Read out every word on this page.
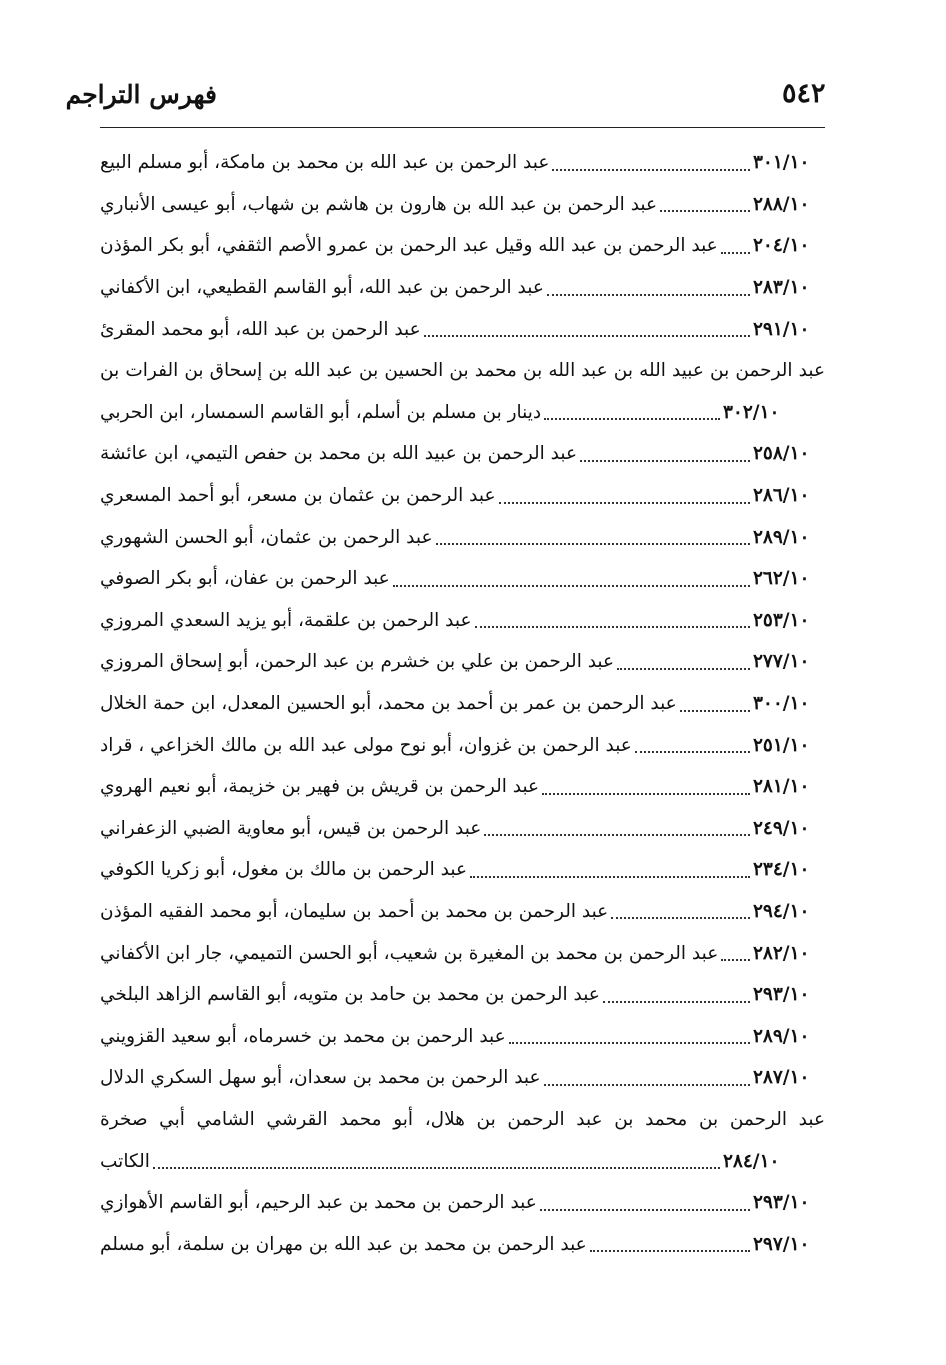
فهرس التراجم	٥٤٢
عبد الرحمن بن عبد الله بن محمد بن مامكة، أبو مسلم البيع	٣٠١/١٠
عبد الرحمن بن عبد الله بن هارون بن هاشم بن شهاب، أبو عيسى الأنباري	٢٨٨/١٠
عبد الرحمن بن عبد الله وقيل عبد الرحمن بن عمرو الأصم الثقفي، أبو بكر المؤذن ٢٠٤/١٠
عبد الرحمن بن عبد الله، أبو القاسم القطيعي، ابن الأكفاني	٢٨٣/١٠
عبد الرحمن بن عبد الله، أبو محمد المقرئ	٢٩١/١٠
عبد الرحمن بن عبيد الله بن عبد الله بن محمد بن الحسين بن عبد الله بن إسحاق بن الفرات بن
دينار بن مسلم بن أسلم، أبو القاسم السمسار، ابن الحربي	٣٠٢/١٠
عبد الرحمن بن عبيد الله بن محمد بن حفص التيمي، ابن عائشة	٢٥٨/١٠
عبد الرحمن بن عثمان بن مسعر، أبو أحمد المسعري	٢٨٦/١٠
عبد الرحمن بن عثمان، أبو الحسن الشهوري	٢٨٩/١٠
عبد الرحمن بن عفان، أبو بكر الصوفي	٢٦٢/١٠
عبد الرحمن بن علقمة، أبو يزيد السعدي المروزي	٢٥٣/١٠
عبد الرحمن بن علي بن خشرم بن عبد الرحمن، أبو إسحاق المروزي	٢٧٧/١٠
عبد الرحمن بن عمر بن أحمد بن محمد، أبو الحسين المعدل، ابن حمة الخلال	٣٠٠/١٠
عبد الرحمن بن غزوان، أبو نوح مولى عبد الله بن مالك الخزاعي ، قراد	٢٥١/١٠
عبد الرحمن بن قريش بن فهير بن خزيمة، أبو نعيم الهروي	٢٨١/١٠
عبد الرحمن بن قيس، أبو معاوية الضبي الزعفراني	٢٤٩/١٠
عبد الرحمن بن مالك بن مغول، أبو زكريا الكوفي	٢٣٤/١٠
عبد الرحمن بن محمد بن أحمد بن سليمان، أبو محمد الفقيه المؤذن	٢٩٤/١٠
عبد الرحمن بن محمد بن المغيرة بن شعيب، أبو الحسن التميمي، جار ابن الأكفاني ٢٨٢/١٠
عبد الرحمن بن محمد بن حامد بن متويه، أبو القاسم الزاهد البلخي	٢٩٣/١٠
عبد الرحمن بن محمد بن خسرماه، أبو سعيد القزويني	٢٨٩/١٠
عبد الرحمن بن محمد بن سعدان، أبو سهل السكري الدلال	٢٨٧/١٠
عبد الرحمن بن محمد بن عبد الرحمن بن هلال، أبو محمد القرشي الشامي أبي صخرة
الكاتب	٢٨٤/١٠
عبد الرحمن بن محمد بن عبد الرحيم، أبو القاسم الأهوازي	٢٩٣/١٠
عبد الرحمن بن محمد بن عبد الله بن مهران بن سلمة، أبو مسلم	٢٩٧/١٠
